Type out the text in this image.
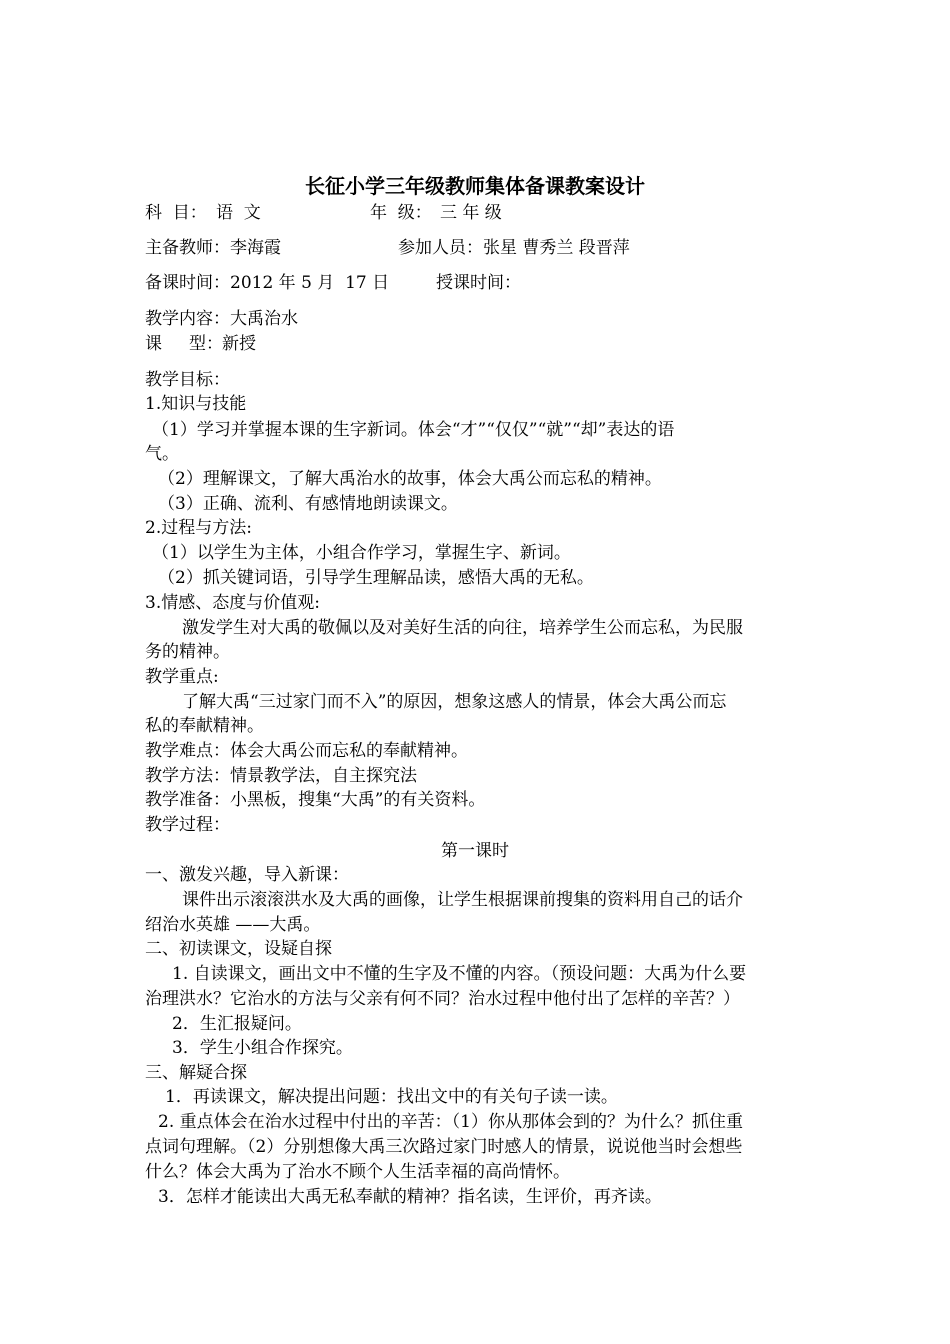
长征小学三年级教师集体备课教案设计
科  目： 语  文	年  级： 三 年 级
主备教师： 李海霞	参加人员： 张星 曹秀兰 段晋萍
备课时间： 2012 年 5 月  17 日	授课时间：
教学内容： 大禹治水
课     型：
新授
教学目标：
1.知识与技能
（1）学习并掌握本课的生字新词。体会“才”“仅仅”“就”“却”表达的语
气。
（2）理解课文，了解大禹治水的故事，体会大禹公而忘私的精神。
（3）正确、流利、有感情地朗读课文。
2.过程与方法:
（1）以学生为主体，小组合作学习，掌握生字、新词。
（2）抓关键词语，引导学生理解品读，感悟大禹的无私。
3.情感、态度与价值观:
激发学生对大禹的敬佩以及对美好生活的向往，培养学生公而忘私，为民服
务的精神。
教学重点:
了解大禹“三过家门而不入”的原因，想象这感人的情景，体会大禹公而忘
私的奉献精神。
教学难点：体会大禹公而忘私的奉献精神。
教学方法：情景教学法，自主探究法
教学准备：小黑板，搜集“大禹”的有关资料。
教学过程：
第一课时
一、激发兴趣，导入新课：
课件出示滚滚洪水及大禹的画像，让学生根据课前搜集的资料用自己的话介
绍治水英雄 ——大禹。
二、初读课文，设疑自探
1. 自读课文，画出文中不懂的生字及不懂的内容。（预设问题：大禹为什么要
治理洪水？它治水的方法与父亲有何不同？治水过程中他付出了怎样的辛苦？）
2．生汇报疑问。
3．学生小组合作探究。
三、解疑合探
1．再读课文，解决提出问题：找出文中的有关句子读一读。
2. 重点体会在治水过程中付出的辛苦：（1）你从那体会到的？为什么？抓住重
点词句理解。（2）分别想像大禹三次路过家门时感人的情景，说说他当时会想些
什么？体会大禹为了治水不顾个人生活幸福的高尚情怀。
3．怎样才能读出大禹无私奉献的精神？指名读，生评价，再齐读。
